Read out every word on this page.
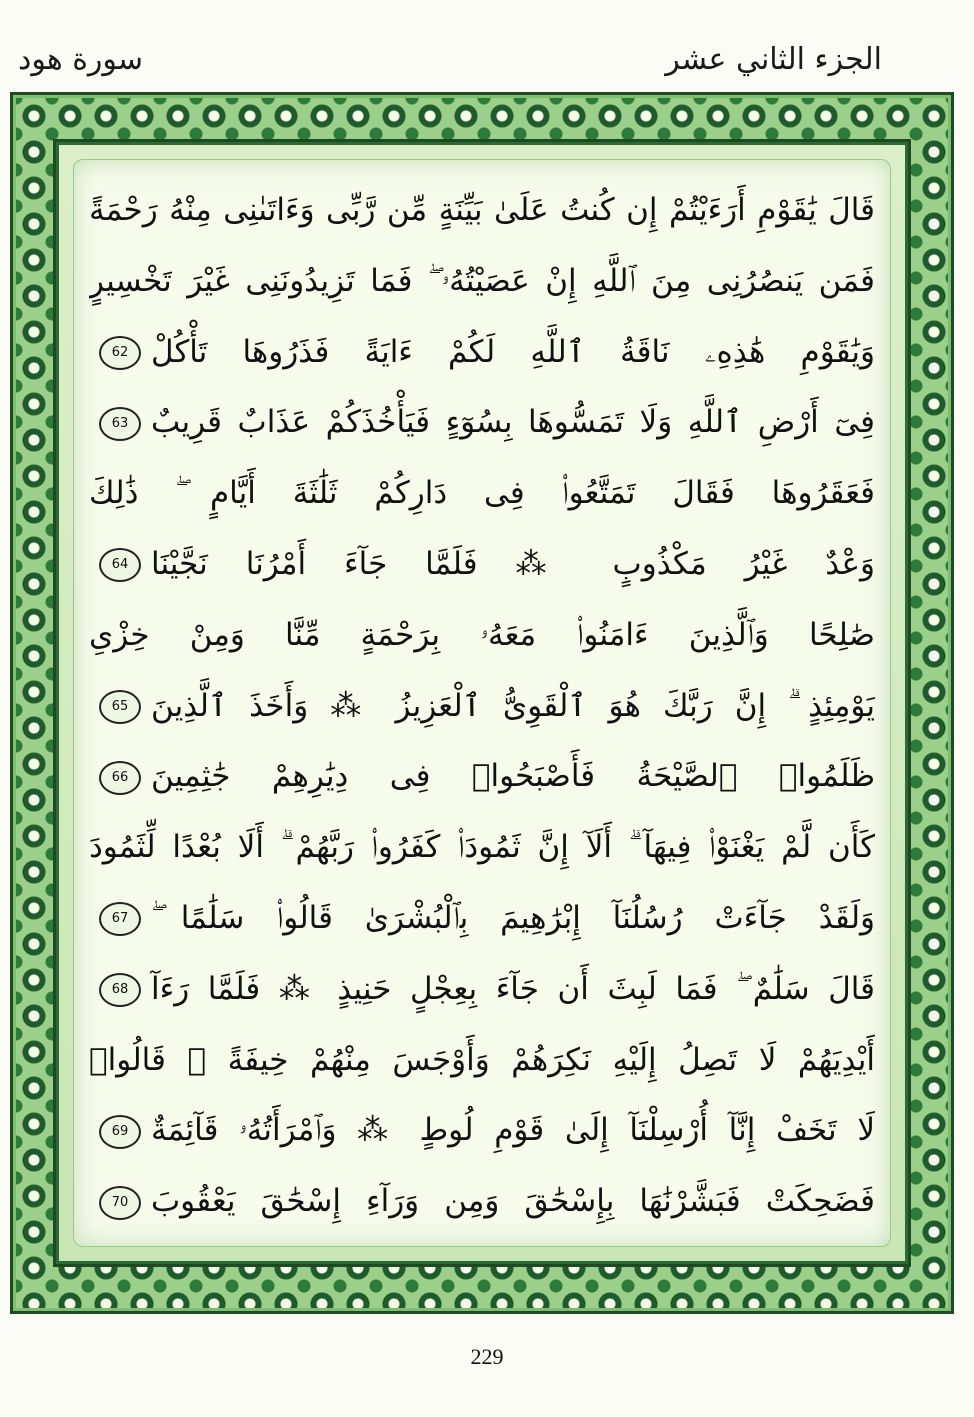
سورة هود	الجزء الثاني عشر
قَالَ يَٰقَوْمِ أَرَءَيْتُمْ إِن كُنتُ عَلَىٰ بَيِّنَةٍ مِّن رَّبِّى وَءَاتَىٰنِى مِنْهُ رَحْمَةً
فَمَن يَنصُرُنِى مِنَ ٱللَّهِ إِنْ عَصَيْتُهُۥ ۖ فَمَا تَزِيدُونَنِى غَيْرَ تَخْسِيرٍ
وَيَٰقَوْمِ هَٰذِهِۦ نَاقَةُ ٱللَّهِ لَكُمْ ءَايَةً فَذَرُوهَا تَأْكُلْ62
فِىٓ أَرْضِ ٱللَّهِ وَلَا تَمَسُّوهَا بِسُوٓءٍ فَيَأْخُذَكُمْ عَذَابٌ قَرِيبٌ63
فَعَقَرُوهَا فَقَالَ تَمَتَّعُوا۟ فِى دَارِكُمْ ثَلَٰثَةَ أَيَّامٍ ۖ ذَٰلِكَ
وَعْدٌ غَيْرُ مَكْذُوبٍ ⁂ فَلَمَّا جَآءَ أَمْرُنَا نَجَّيْنَا64
صَٰلِحًا وَٱلَّذِينَ ءَامَنُوا۟ مَعَهُۥ بِرَحْمَةٍ مِّنَّا وَمِنْ خِزْىِ
يَوْمِئِذٍ ۗ إِنَّ رَبَّكَ هُوَ ٱلْقَوِىُّ ٱلْعَزِيزُ ⁂ وَأَخَذَ ٱلَّذِينَ65
ظَلَمُوا۟ ٱلصَّيْحَةُ فَأَصْبَحُوا۟ فِى دِيَٰرِهِمْ جَٰثِمِينَ66
كَأَن لَّمْ يَغْنَوْا۟ فِيهَآ ۗ أَلَآ إِنَّ ثَمُودَا۟ كَفَرُوا۟ رَبَّهُمْ ۗ أَلَا بُعْدًا لِّثَمُودَ
وَلَقَدْ جَآءَتْ رُسُلُنَآ إِبْرَٰهِيمَ بِٱلْبُشْرَىٰ قَالُوا۟ سَلَٰمًا ۖ67
قَالَ سَلَٰمٌ ۖ فَمَا لَبِثَ أَن جَآءَ بِعِجْلٍ حَنِيذٍ ⁂ فَلَمَّا رَءَآ68
أَيْدِيَهُمْ لَا تَصِلُ إِلَيْهِ نَكِرَهُمْ وَأَوْجَسَ مِنْهُمْ خِيفَةً ۚ قَالُوا۟
لَا تَخَفْ إِنَّآ أُرْسِلْنَآ إِلَىٰ قَوْمِ لُوطٍ ⁂ وَٱمْرَأَتُهُۥ قَآئِمَةٌ69
فَضَحِكَتْ فَبَشَّرْنَٰهَا بِإِسْحَٰقَ وَمِن وَرَآءِ إِسْحَٰقَ يَعْقُوبَ70
229
